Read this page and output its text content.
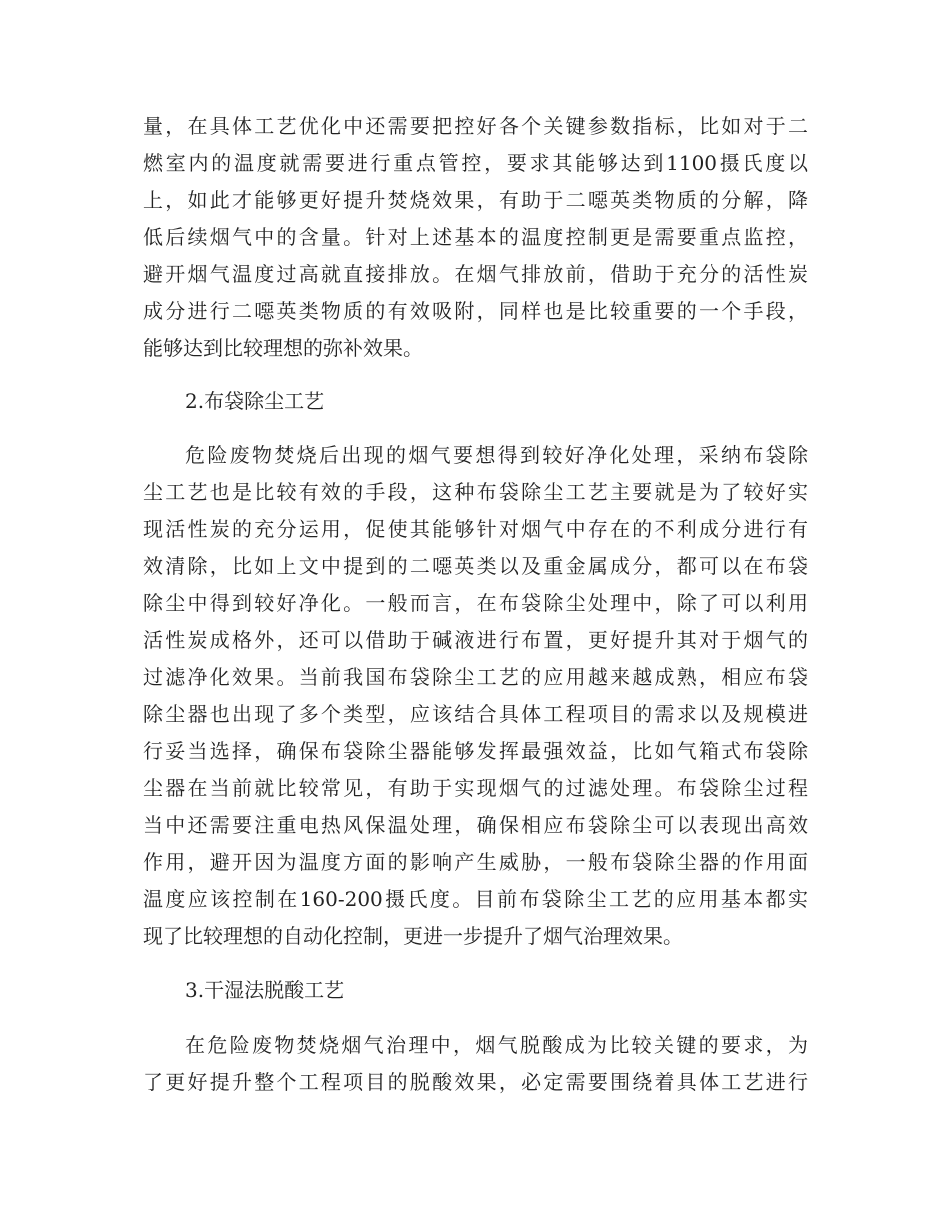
量，在具体工艺优化中还需要把控好各个关键参数指标，比如对于二
燃室内的温度就需要进行重点管控，要求其能够达到1100摄氏度以
上，如此才能够更好提升焚烧效果，有助于二噁英类物质的分解，降
低后续烟气中的含量。针对上述基本的温度控制更是需要重点监控，
避开烟气温度过高就直接排放。在烟气排放前，借助于充分的活性炭
成分进行二噁英类物质的有效吸附，同样也是比较重要的一个手段，
能够达到比较理想的弥补效果。
2.布袋除尘工艺
危险废物焚烧后出现的烟气要想得到较好净化处理，采纳布袋除
尘工艺也是比较有效的手段，这种布袋除尘工艺主要就是为了较好实
现活性炭的充分运用，促使其能够针对烟气中存在的不利成分进行有
效清除，比如上文中提到的二噁英类以及重金属成分，都可以在布袋
除尘中得到较好净化。一般而言，在布袋除尘处理中，除了可以利用
活性炭成格外，还可以借助于碱液进行布置，更好提升其对于烟气的
过滤净化效果。当前我国布袋除尘工艺的应用越来越成熟，相应布袋
除尘器也出现了多个类型，应该结合具体工程项目的需求以及规模进
行妥当选择，确保布袋除尘器能够发挥最强效益，比如气箱式布袋除
尘器在当前就比较常见，有助于实现烟气的过滤处理。布袋除尘过程
当中还需要注重电热风保温处理，确保相应布袋除尘可以表现出高效
作用，避开因为温度方面的影响产生威胁，一般布袋除尘器的作用面
温度应该控制在160-200摄氏度。目前布袋除尘工艺的应用基本都实
现了比较理想的自动化控制，更进一步提升了烟气治理效果。
3.干湿法脱酸工艺
在危险废物焚烧烟气治理中，烟气脱酸成为比较关键的要求，为
了更好提升整个工程项目的脱酸效果，必定需要围绕着具体工艺进行
